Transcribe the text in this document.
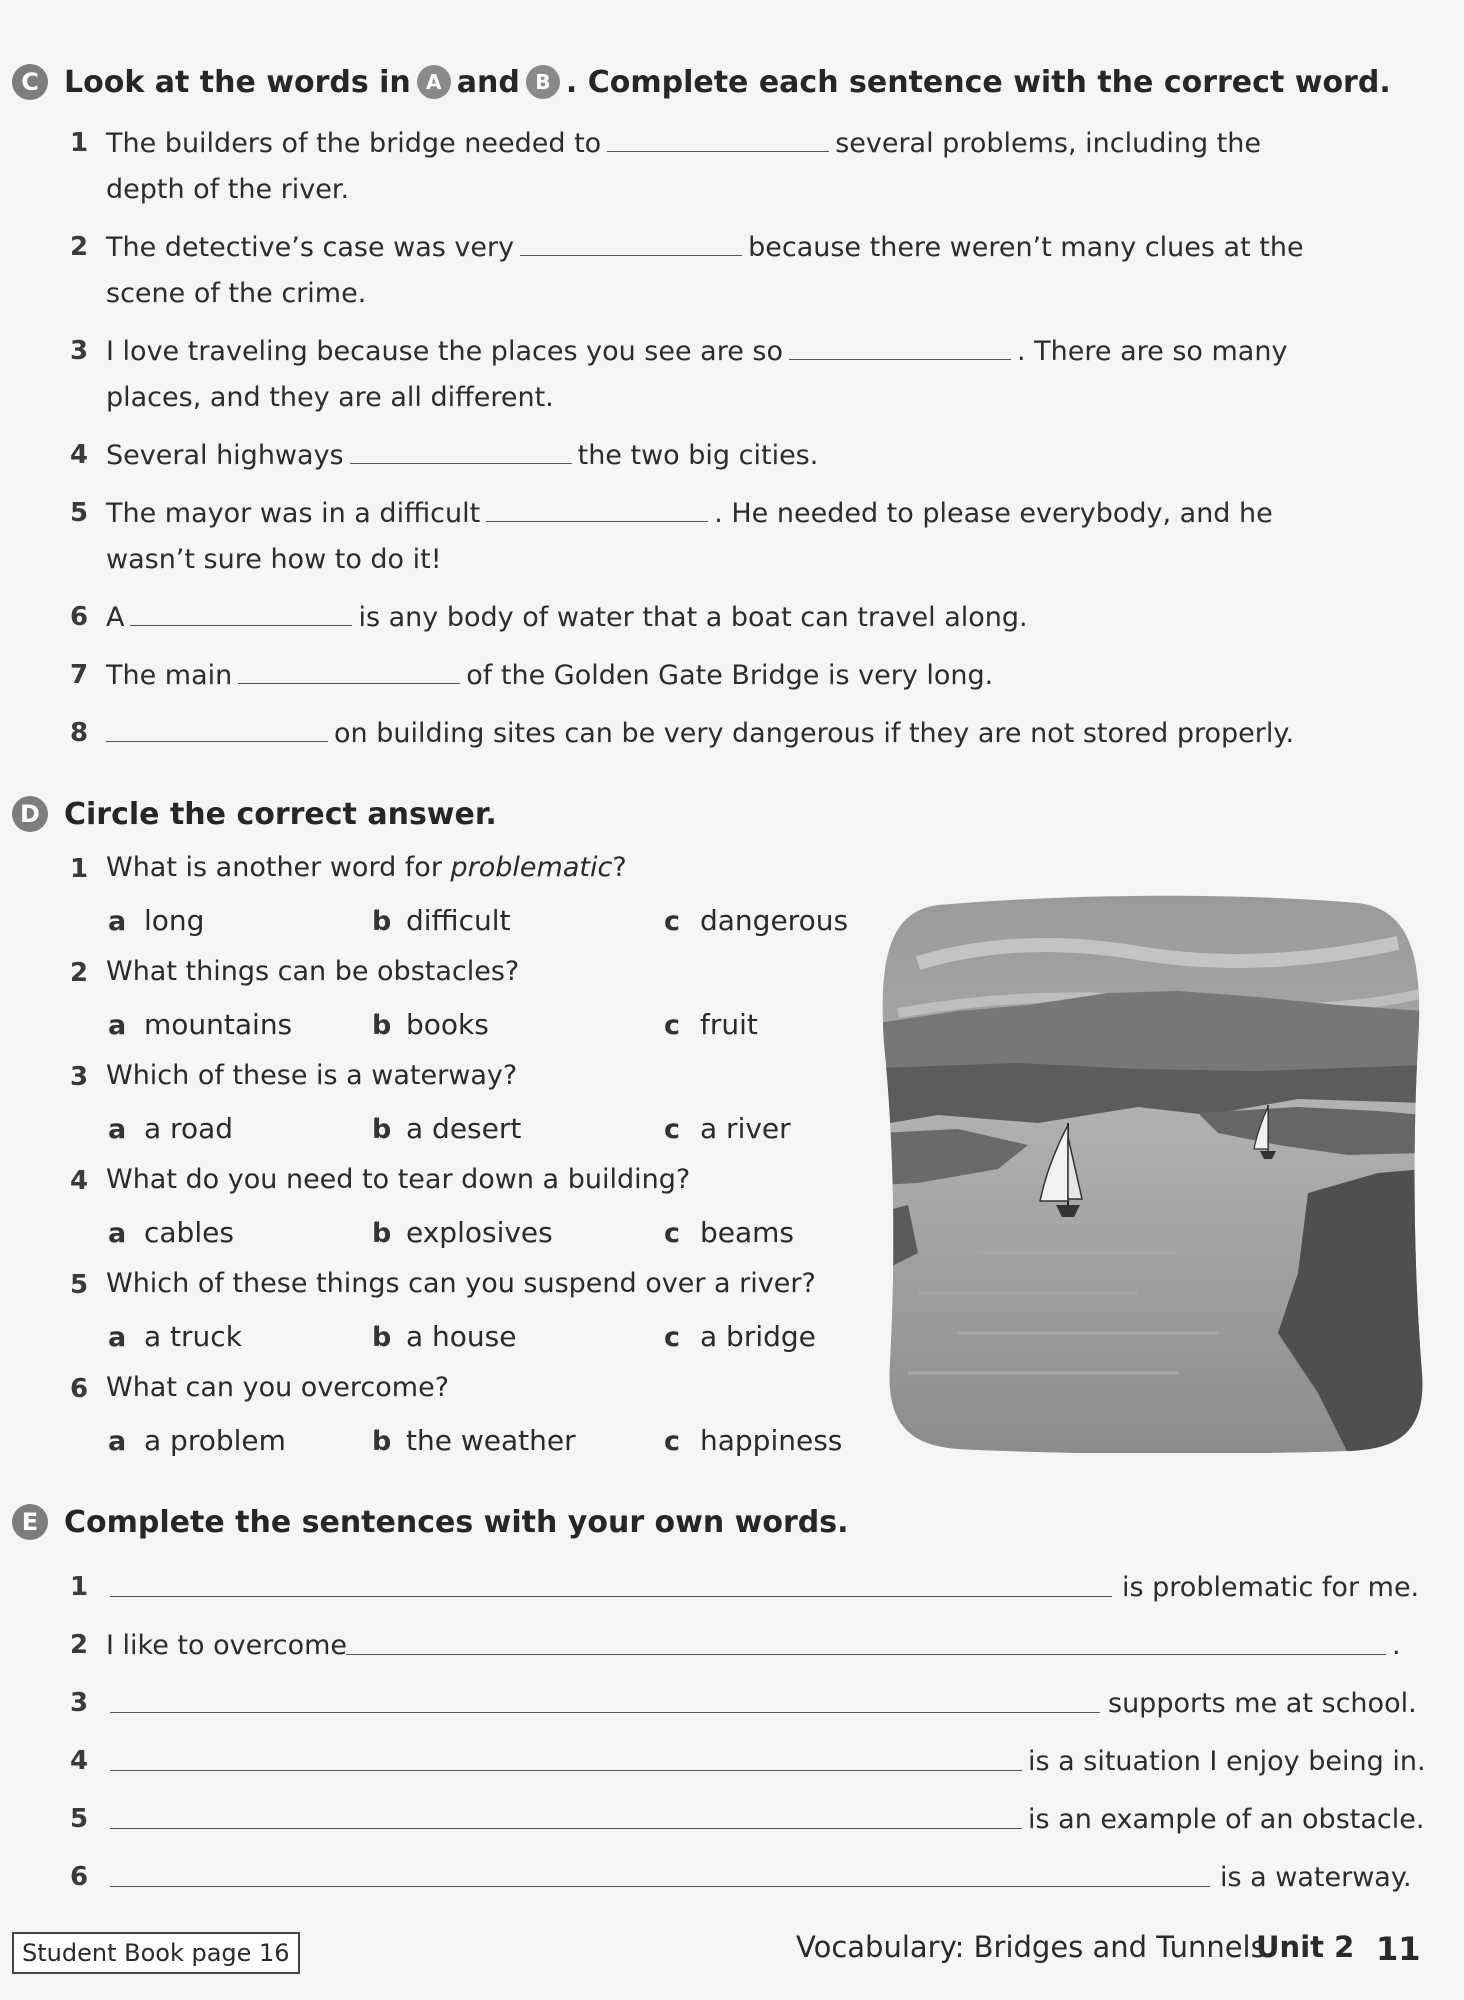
C Look at the words in A and B . Complete each sentence with the correct word.
1 The builders of the bridge needed to	several problems, including the
depth of the river.
2 The detective’s case was very	because there weren’t many clues at the
scene of the crime.
3 I love traveling because the places you see are so	. There are so many
places, and they are all different.
4 Several highways	the two big cities.
5 The mayor was in a difficult	. He needed to please everybody, and he
wasn’t sure how to do it!
6 A	is any body of water that a boat can travel along.
7 The main	of the Golden Gate Bridge is very long.
8	on building sites can be very dangerous if they are not stored properly.
D Circle the correct answer.
1 What is another word for problematic?
a long	b difficult	c dangerous
2 What things can be obstacles?
a mountains	b books	c fruit
3 Which of these is a waterway?
a a road	b a desert	c a river
4 What do you need to tear down a building?
a cables	b explosives	c beams
5 Which of these things can you suspend over a river?
a a truck	b a house	c a bridge
6 What can you overcome?
a a problem	b the weather	c happiness
E Complete the sentences with your own words.
1	is problematic for me.
2 I like to overcome	.
3	supports me at school.
4	is a situation I enjoy being in.
5	is an example of an obstacle.
6	is a waterway.
Student Book page 16	Vocabulary: Bridges and Tunnels
Unit 2 11
